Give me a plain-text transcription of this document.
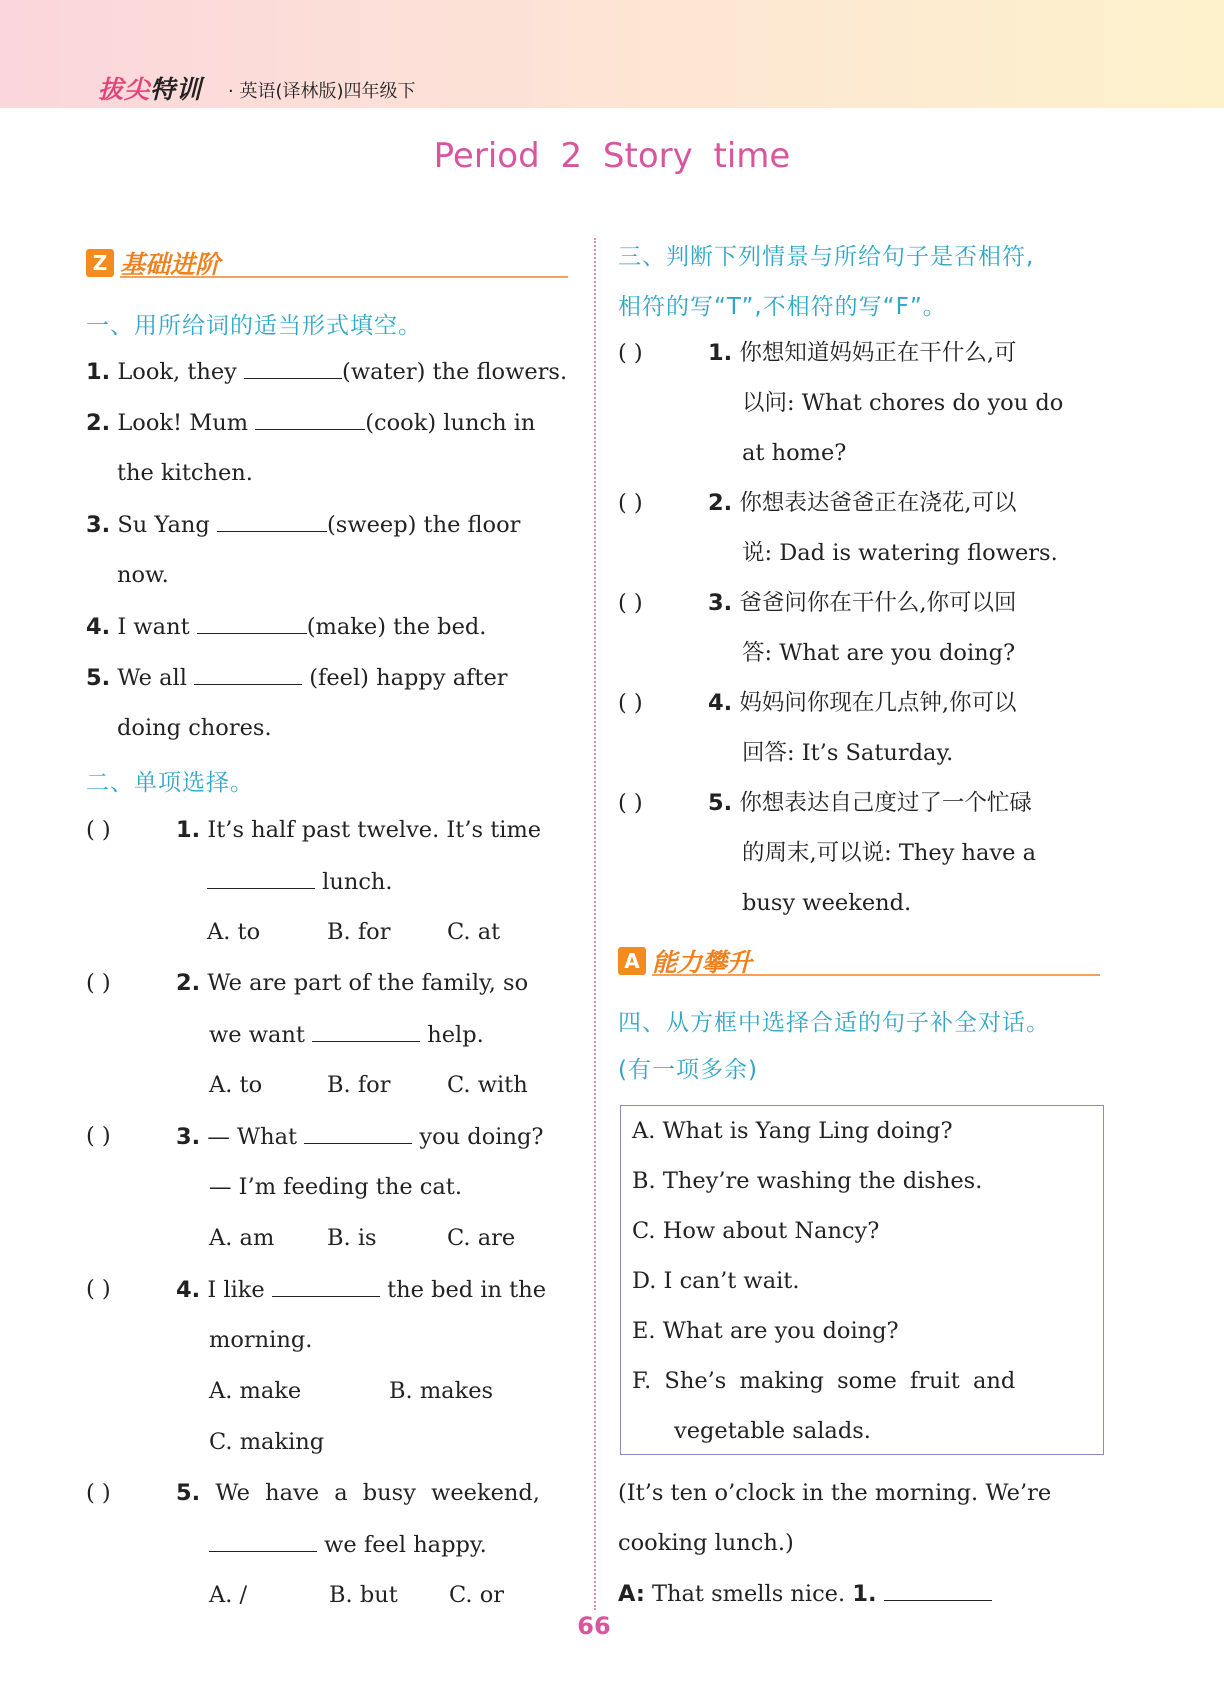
拔尖特训 · 英语(译林版)四年级下
Period 2 Story time
Z 基础进阶
一、用所给词的适当形式填空。
1. Look, they	(water) the flowers.
2. Look! Mum	(cook) lunch in
the kitchen.
3. Su Yang	(sweep) the floor
now.
4. I want	(make) the bed.
5. We all	(feel) happy after
doing chores.
二、单项选择。
( )	1. It’s half past twelve. It’s time
lunch.
A. to	B. for	C. at
( )	2. We are part of the family, so
we want	help.
A. to	B. for	C. with
( )	3. — What	you doing?
— I’m feeding the cat.
A. am B. is	C. are
( )	4. I like	the bed in the
morning.
A. make	B. makes
C. making
( )	5. We have a busy weekend,
we feel happy.
A. /	B. but C. or
三、判断下列情景与所给句子是否相符,
相符的写“T”,不相符的写“F”。
( )	1. 你想知道妈妈正在干什么,可
以问: What chores do you do
at home?
( )	2. 你想表达爸爸正在浇花,可以
说: Dad is watering flowers.
( )	3. 爸爸问你在干什么,你可以回
答: What are you doing?
( )	4. 妈妈问你现在几点钟,你可以
回答: It’s Saturday.
( )	5. 你想表达自己度过了一个忙碌
的周末,可以说: They have a
busy weekend.
A 能力攀升
四、从方框中选择合适的句子补全对话。
(有一项多余)
A. What is Yang Ling doing?
B. They’re washing the dishes.
C. How about Nancy?
D. I can’t wait.
E. What are you doing?
F. She’s making some fruit and
vegetable salads.
(It’s ten o’clock in the morning. We’re
cooking lunch.)
A: That smells nice. 1.
66
